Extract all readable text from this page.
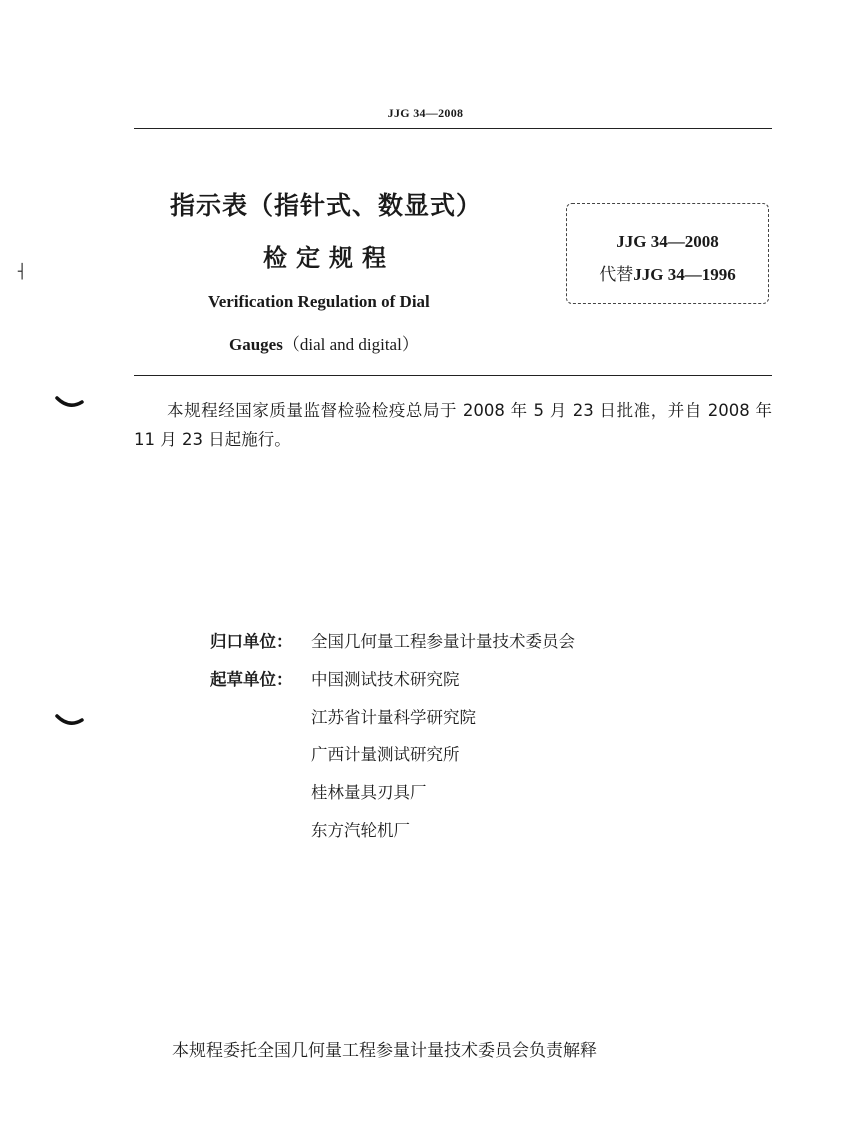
JJG 34—2008
指示表（指针式、数显式）
检定规程
Verification Regulation of Dial
Gauges（dial and digital）
JJG 34—2008
代替JJG 34—1996
本规程经国家质量监督检验检疫总局于 2008 年 5 月 23 日批准，并自 2008 年 11 月 23 日起施行。
归口单位： 全国几何量工程参量计量技术委员会
起草单位： 中国测试技术研究院
江苏省计量科学研究院
广西计量测试研究所
桂林量具刃具厂
东方汽轮机厂
本规程委托全国几何量工程参量计量技术委员会负责解释
┤
